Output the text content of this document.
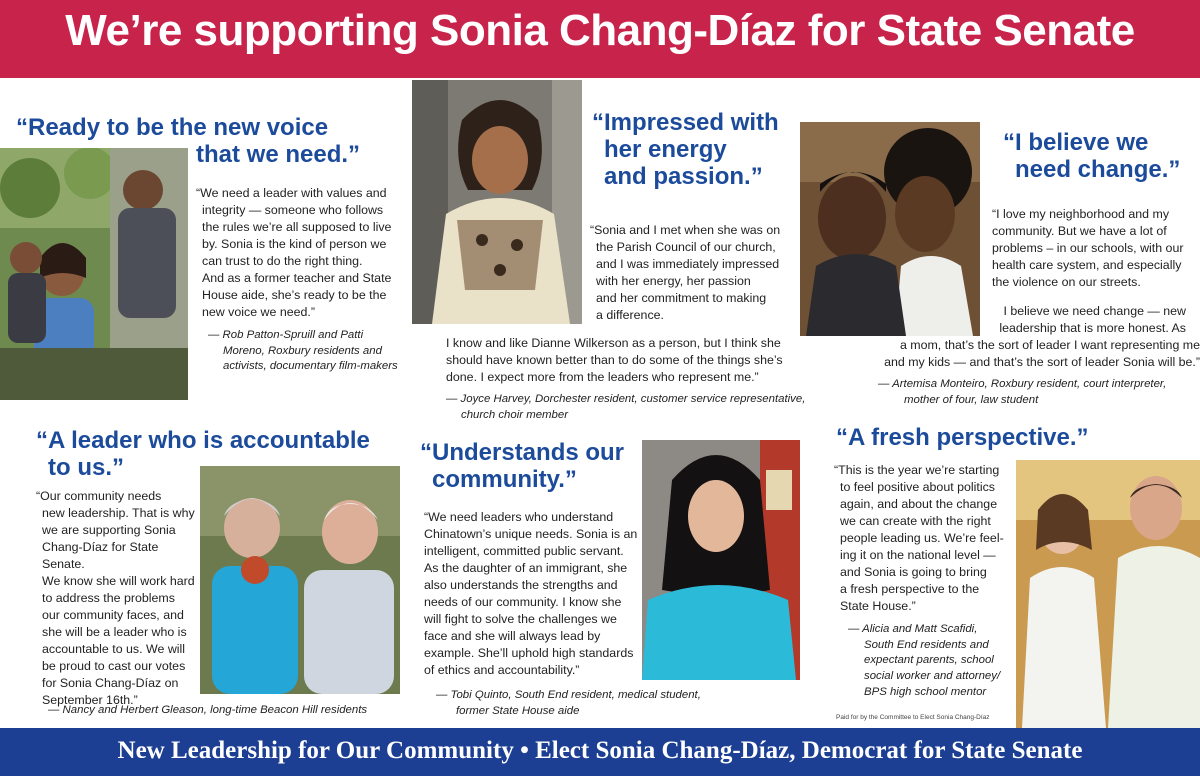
We’re supporting Sonia Chang-Díaz for State Senate
“Ready to be the new voice
that we need.”
“We need a leader with values and
integrity — someone who follows
the rules we’re all supposed to live
by. Sonia is the kind of person we
can trust to do the right thing.
And as a former teacher and State
House aide, she’s ready to be the
new voice we need.”
— Rob Patton-Spruill and Patti
Moreno, Roxbury residents and
activists, documentary film-makers
“Impressed with
her energy
and passion.”
“Sonia and I met when she was on
the Parish Council of our church,
and I was immediately impressed
with her energy, her passion
and her commitment to making
a difference.
I know and like Dianne Wilkerson as a person, but I think she
should have known better than to do some of the things she’s
done. I expect more from the leaders who represent me.”
— Joyce Harvey, Dorchester resident, customer service representative,
church choir member
“I believe we
need change.”
“I love my neighborhood and my
community. But we have a lot of
problems – in our schools, with our
health care system, and especially
the violence on our streets.
I believe we need change — new
leadership that is more honest. As
a mom, that’s the sort of leader I want representing me
and my kids — and that’s the sort of leader Sonia will be.”
— Artemisa Monteiro, Roxbury resident, court interpreter,
mother of four, law student
“A leader who is accountable
to us.”
“Our community needs
new leadership. That is why
we are supporting Sonia
Chang-Díaz for State Senate.
We know she will work hard
to address the problems
our community faces, and
she will be a leader who is
accountable to us. We will
be proud to cast our votes
for Sonia Chang-Díaz on
September 16th.”
— Nancy and Herbert Gleason, long-time Beacon Hill residents
“Understands our
community.”
“We need leaders who understand
Chinatown’s unique needs. Sonia is an
intelligent, committed public servant.
As the daughter of an immigrant, she
also understands the strengths and
needs of our community. I know she
will fight to solve the challenges we
face and she will always lead by
example. She’ll uphold high standards
of ethics and accountability.”
— Tobi Quinto, South End resident, medical student,
former State House aide
“A fresh perspective.”
“This is the year we’re starting
to feel positive about politics
again, and about the change
we can create with the right
people leading us. We’re feel-
ing it on the national level —
and Sonia is going to bring
a fresh perspective to the
State House.”
— Alicia and Matt Scafidi,
South End residents and
expectant parents, school
social worker and attorney/
BPS high school mentor
Paid for by the Committee to Elect Sonia Chang-Díaz
New Leadership for Our Community • Elect Sonia Chang-Díaz, Democrat for State Senate
